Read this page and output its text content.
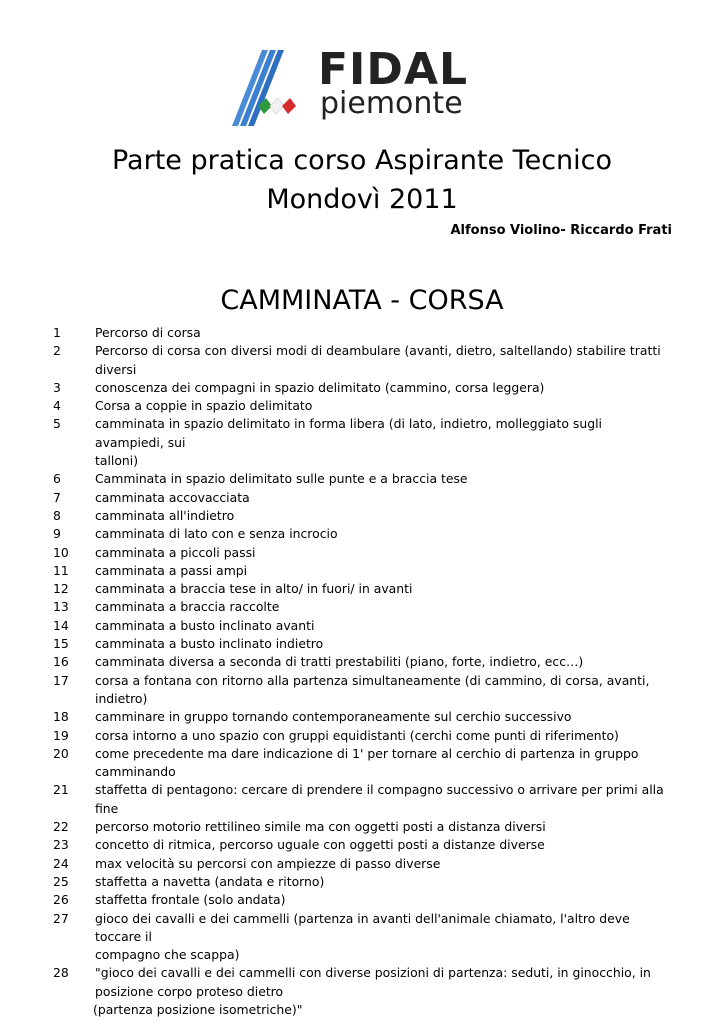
FIDAL
piemonte
Parte pratica corso Aspirante Tecnico
Mondovì 2011
Alfonso Violino- Riccardo Frati
CAMMINATA - CORSA
1	Percorso di corsa
2	Percorso di corsa con diversi modi di deambulare (avanti, dietro, saltellando) stabilire tratti
diversi
3	conoscenza dei compagni in spazio delimitato (cammino, corsa leggera)
4	Corsa a coppie in spazio delimitato
5	camminata in spazio delimitato in forma libera (di lato, indietro, molleggiato sugli avampiedi, sui
talloni)
6	Camminata in spazio delimitato sulle punte e a braccia tese
7	camminata accovacciata
8	camminata all'indietro
9	camminata di lato con e senza incrocio
10 camminata a piccoli passi
11 camminata a passi ampi
12 camminata a braccia tese in alto/ in fuori/ in avanti
13 camminata a braccia raccolte
14 camminata a busto inclinato avanti
15 camminata a busto inclinato indietro
16 camminata diversa a seconda di tratti prestabiliti (piano, forte, indietro, ecc…)
17 corsa a fontana con ritorno alla partenza simultaneamente (di cammino, di corsa, avanti,
indietro)
18 camminare in gruppo tornando contemporaneamente sul cerchio successivo
19 corsa intorno a uno spazio con gruppi equidistanti (cerchi come punti di riferimento)
20 come precedente ma dare indicazione di 1' per tornare al cerchio di partenza in gruppo
camminando
21 staffetta di pentagono: cercare di prendere il compagno successivo o arrivare per primi alla fine
22 percorso motorio rettilineo simile ma con oggetti posti a distanza diversi
23 concetto di ritmica, percorso uguale con oggetti posti a distanze diverse
24 max velocità su percorsi con ampiezze di passo diverse
25 staffetta a navetta (andata e ritorno)
26 staffetta frontale (solo andata)
27 gioco dei cavalli e dei cammelli (partenza in avanti dell'animale chiamato, l'altro deve toccare il
compagno che scappa)
28 "gioco dei cavalli e dei cammelli con diverse posizioni di partenza: seduti, in ginocchio, in
posizione corpo proteso dietro
(partenza posizione isometriche)"
